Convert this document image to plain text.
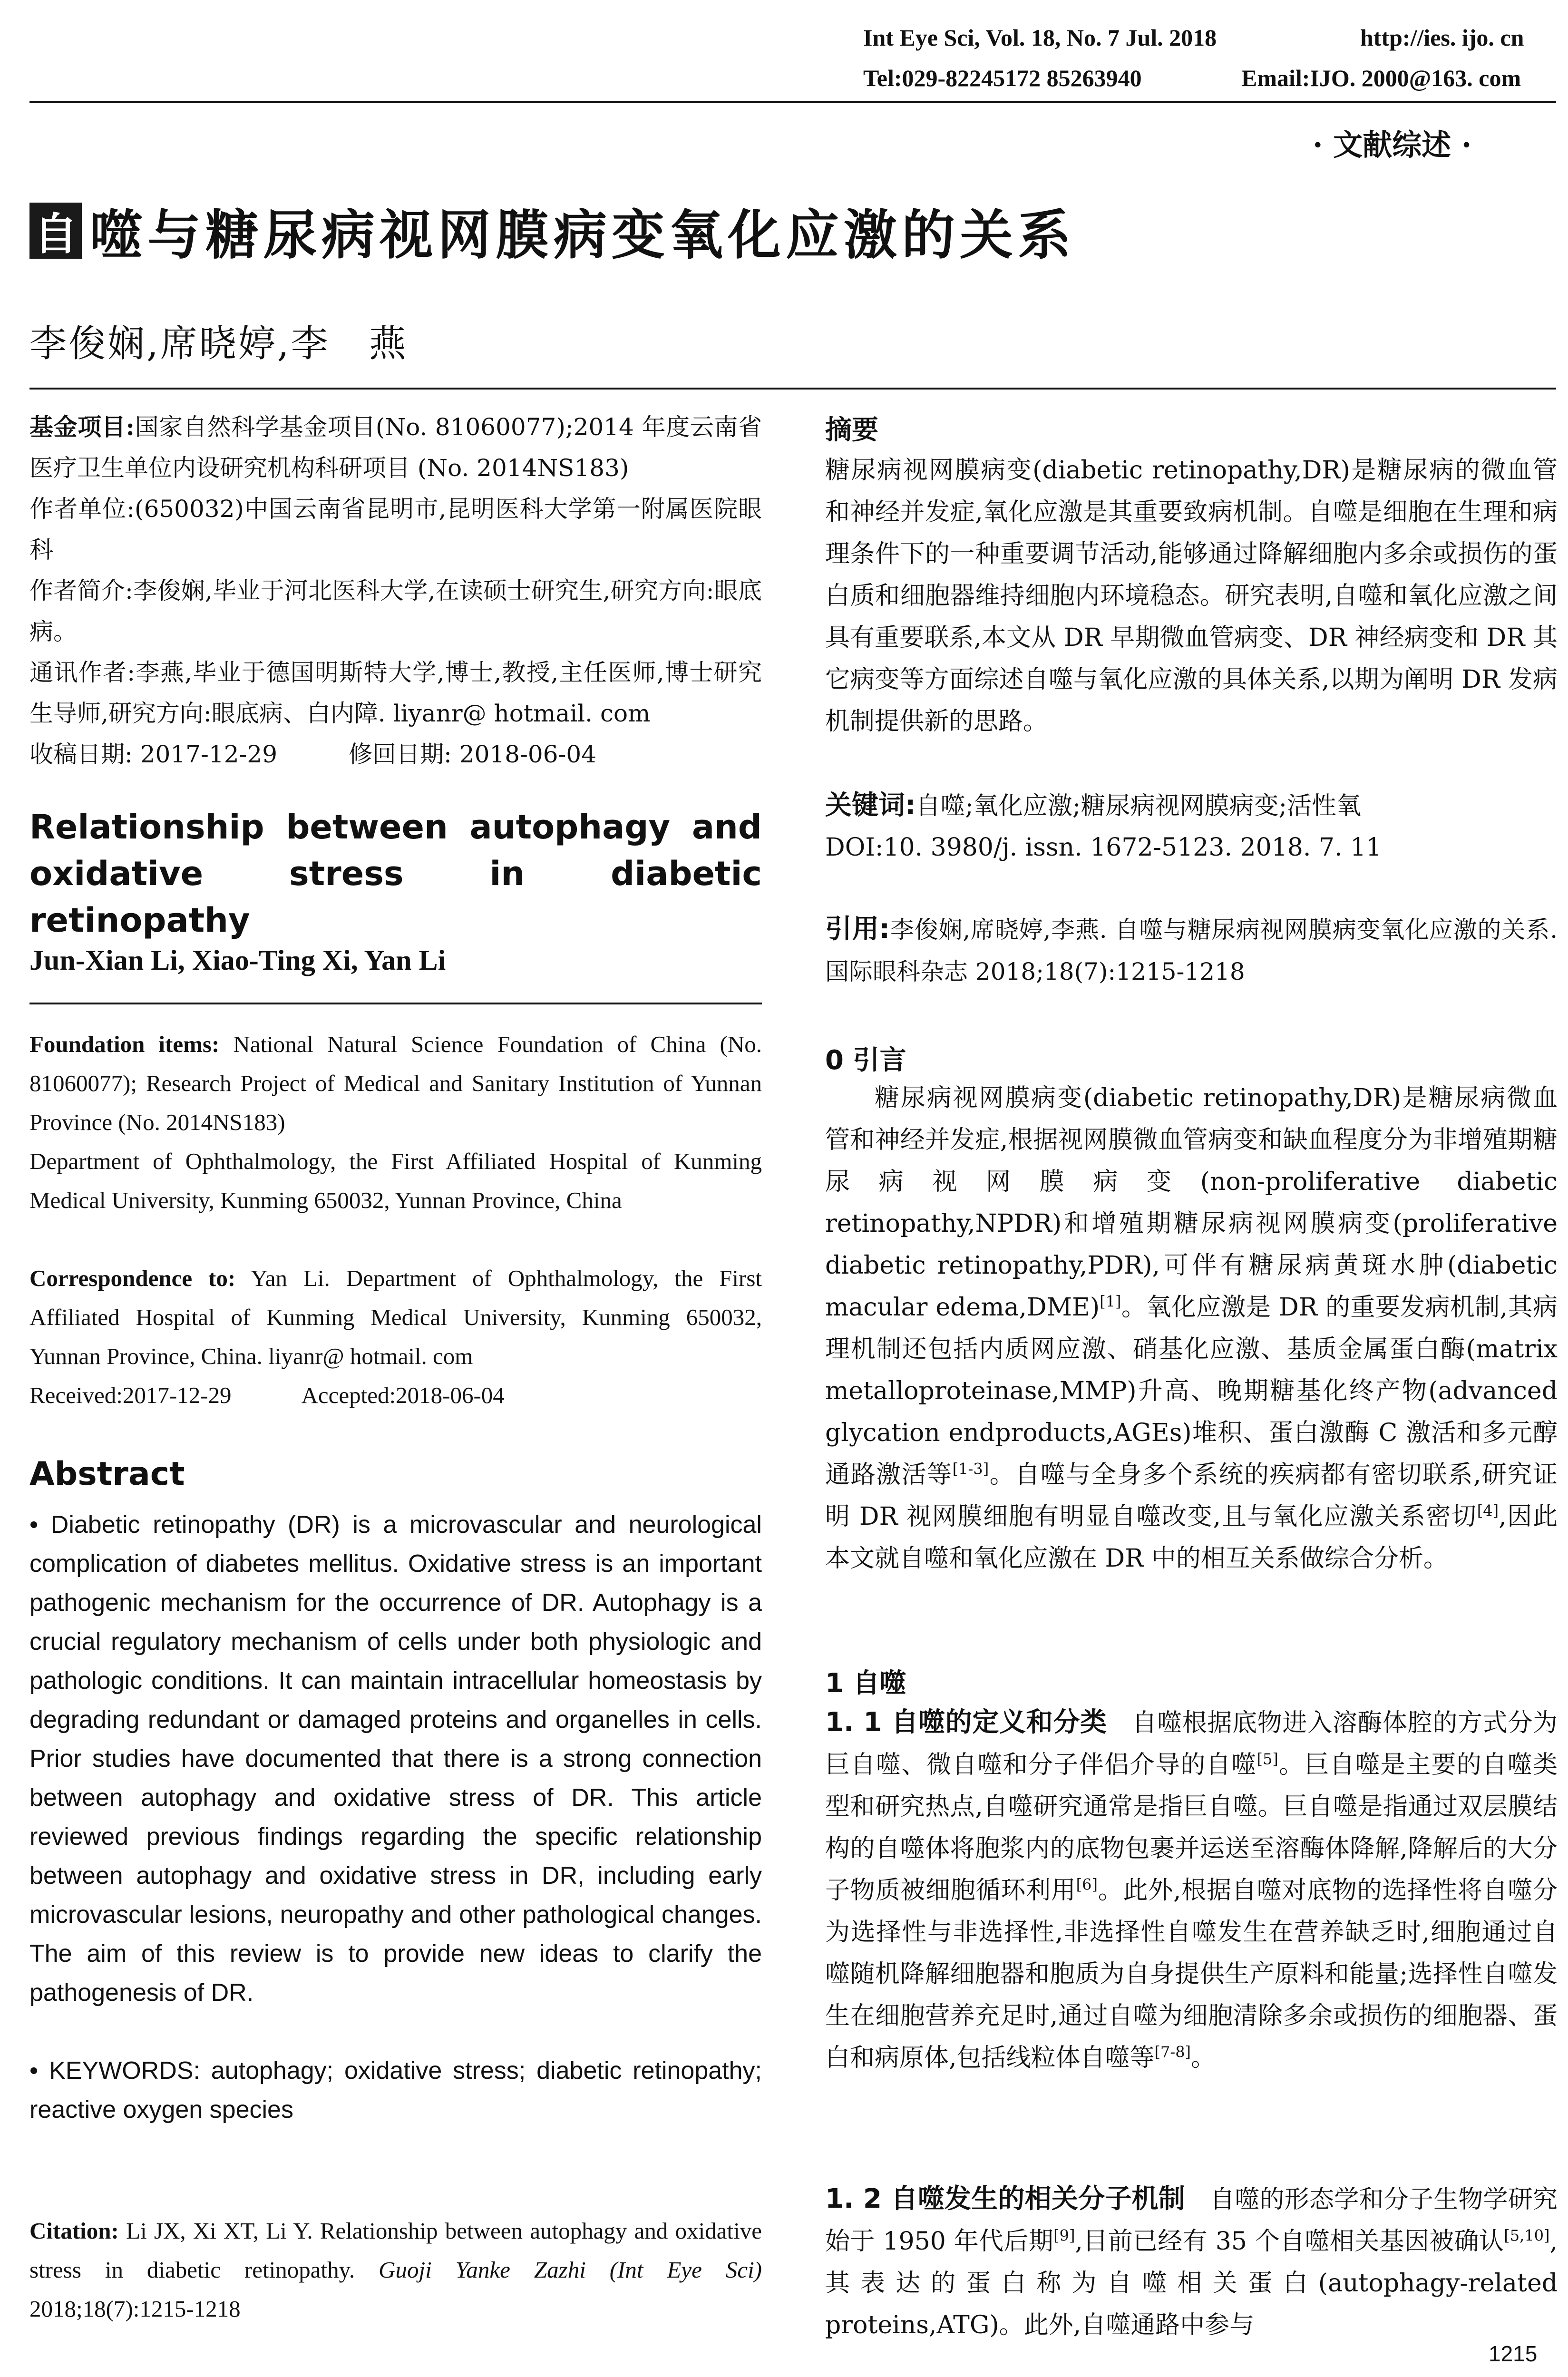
Int Eye Sci, Vol. 18, No. 7 Jul. 2018	http://ies. ijo. cn
Tel:029-82245172 85263940	Email:IJO. 2000@163. com
· 文献综述 ·
自 噬与糖尿病视网膜病变氧化应激的关系
李俊娴,席晓婷,李　燕
基金项目:国家自然科学基金项目(No. 81060077);2014 年度云南省医疗卫生单位内设研究机构科研项目 (No. 2014NS183)
作者单位:(650032)中国云南省昆明市,昆明医科大学第一附属医院眼科
作者简介:李俊娴,毕业于河北医科大学,在读硕士研究生,研究方向:眼底病。
通讯作者:李燕,毕业于德国明斯特大学,博士,教授,主任医师,博士研究生导师,研究方向:眼底病、白内障. liyanr@ hotmail. com
收稿日期: 2017-12-29　　　修回日期: 2018-06-04
Relationship between autophagy and oxidative stress in diabetic retinopathy
Jun-Xian Li, Xiao-Ting Xi, Yan Li
Foundation items: National Natural Science Foundation of China (No. 81060077); Research Project of Medical and Sanitary Institution of Yunnan Province (No. 2014NS183)
Department of Ophthalmology, the First Affiliated Hospital of Kunming Medical University, Kunming 650032, Yunnan Province, China
Correspondence to: Yan Li. Department of Ophthalmology, the First Affiliated Hospital of Kunming Medical University, Kunming 650032, Yunnan Province, China. liyanr@ hotmail. com
Received:2017-12-29　　　Accepted:2018-06-04
Abstract
• Diabetic retinopathy (DR) is a microvascular and neurological complication of diabetes mellitus. Oxidative stress is an important pathogenic mechanism for the occurrence of DR. Autophagy is a crucial regulatory mechanism of cells under both physiologic and pathologic conditions. It can maintain intracellular homeostasis by degrading redundant or damaged proteins and organelles in cells. Prior studies have documented that there is a strong connection between autophagy and oxidative stress of DR. This article reviewed previous findings regarding the specific relationship between autophagy and oxidative stress in DR, including early microvascular lesions, neuropathy and other pathological changes. The aim of this review is to provide new ideas to clarify the pathogenesis of DR.
• KEYWORDS: autophagy; oxidative stress; diabetic retinopathy; reactive oxygen species
Citation: Li JX, Xi XT, Li Y. Relationship between autophagy and oxidative stress in diabetic retinopathy. Guoji Yanke Zazhi (Int Eye Sci) 2018;18(7):1215-1218
摘要
糖尿病视网膜病变(diabetic retinopathy,DR)是糖尿病的微血管和神经并发症,氧化应激是其重要致病机制。自噬是细胞在生理和病理条件下的一种重要调节活动,能够通过降解细胞内多余或损伤的蛋白质和细胞器维持细胞内环境稳态。研究表明,自噬和氧化应激之间具有重要联系,本文从 DR 早期微血管病变、DR 神经病变和 DR 其它病变等方面综述自噬与氧化应激的具体关系,以期为阐明 DR 发病机制提供新的思路。
关键词:自噬;氧化应激;糖尿病视网膜病变;活性氧
DOI:10. 3980/j. issn. 1672-5123. 2018. 7. 11
引用:李俊娴,席晓婷,李燕. 自噬与糖尿病视网膜病变氧化应激的关系. 国际眼科杂志 2018;18(7):1215-1218
0 引言
糖尿病视网膜病变(diabetic retinopathy,DR)是糖尿病微血管和神经并发症,根据视网膜微血管病变和缺血程度分为非增殖期糖尿病视网膜病变(non-proliferative diabetic retinopathy,NPDR)和增殖期糖尿病视网膜病变(proliferative diabetic retinopathy,PDR),可伴有糖尿病黄斑水肿(diabetic macular edema,DME)[1]。氧化应激是 DR 的重要发病机制,其病理机制还包括内质网应激、硝基化应激、基质金属蛋白酶(matrix metalloproteinase,MMP)升高、晚期糖基化终产物(advanced glycation endproducts,AGEs)堆积、蛋白激酶 C 激活和多元醇通路激活等[1-3]。自噬与全身多个系统的疾病都有密切联系,研究证明 DR 视网膜细胞有明显自噬改变,且与氧化应激关系密切[4],因此本文就自噬和氧化应激在 DR 中的相互关系做综合分析。
1 自噬
1. 1 自噬的定义和分类　自噬根据底物进入溶酶体腔的方式分为巨自噬、微自噬和分子伴侣介导的自噬[5]。巨自噬是主要的自噬类型和研究热点,自噬研究通常是指巨自噬。巨自噬是指通过双层膜结构的自噬体将胞浆内的底物包裹并运送至溶酶体降解,降解后的大分子物质被细胞循环利用[6]。此外,根据自噬对底物的选择性将自噬分为选择性与非选择性,非选择性自噬发生在营养缺乏时,细胞通过自噬随机降解细胞器和胞质为自身提供生产原料和能量;选择性自噬发生在细胞营养充足时,通过自噬为细胞清除多余或损伤的细胞器、蛋白和病原体,包括线粒体自噬等[7-8]。
1. 2 自噬发生的相关分子机制　自噬的形态学和分子生物学研究始于 1950 年代后期[9],目前已经有 35 个自噬相关基因被确认[5,10],其表达的蛋白称为自噬相关蛋白(autophagy-related proteins,ATG)。此外,自噬通路中参与
1215
